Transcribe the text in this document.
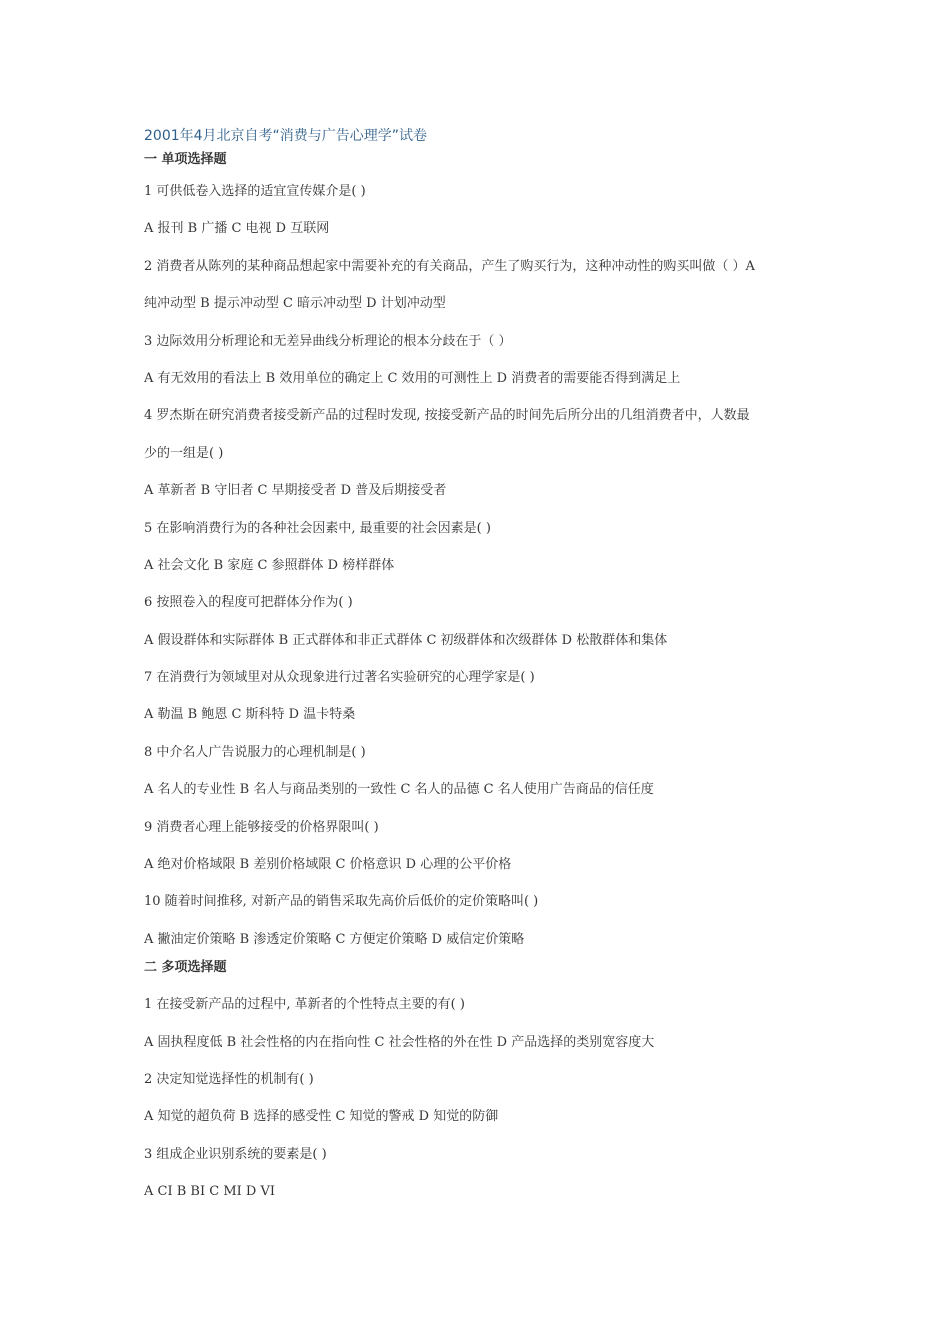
2001年4月北京自考“消费与广告心理学”试卷
一 单项选择题
1 可供低卷入选择的适宜宣传媒介是( )
A 报刊 B 广播 C 电视 D 互联网
2 消费者从陈列的某种商品想起家中需要补充的有关商品，产生了购买行为，这种冲动性的购买叫做（ ）A
纯冲动型 B 提示冲动型 C 暗示冲动型 D 计划冲动型
3 边际效用分析理论和无差异曲线分析理论的根本分歧在于（ ）
A 有无效用的看法上 B 效用单位的确定上 C 效用的可测性上 D 消费者的需要能否得到满足上
4 罗杰斯在研究消费者接受新产品的过程时发现, 按接受新产品的时间先后所分出的几组消费者中，人数最
少的一组是( )
A 革新者 B 守旧者 C 早期接受者 D 普及后期接受者
5 在影响消费行为的各种社会因素中, 最重要的社会因素是( )
A 社会文化 B 家庭 C 参照群体 D 榜样群体
6 按照卷入的程度可把群体分作为( )
A 假设群体和实际群体 B 正式群体和非正式群体 C 初级群体和次级群体 D 松散群体和集体
7 在消费行为领域里对从众现象进行过著名实验研究的心理学家是( )
A 勒温 B 鲍恩 C 斯科特 D 温卡特桑
8 中介名人广告说服力的心理机制是( )
A 名人的专业性 B 名人与商品类别的一致性 C 名人的品德 C 名人使用广告商品的信任度
9 消费者心理上能够接受的价格界限叫( )
A 绝对价格域限 B 差别价格域限 C 价格意识 D 心理的公平价格
10 随着时间推移, 对新产品的销售采取先高价后低价的定价策略叫( )
A 撇油定价策略 B 渗透定价策略 C 方便定价策略 D 威信定价策略
二 多项选择题
1 在接受新产品的过程中, 革新者的个性特点主要的有( )
A 固执程度低 B 社会性格的内在指向性 C 社会性格的外在性 D 产品选择的类别宽容度大
2 决定知觉选择性的机制有( )
A 知觉的超负荷 B 选择的感受性 C 知觉的警戒 D 知觉的防御
3 组成企业识别系统的要素是( )
A CI B BI C MI D VI
